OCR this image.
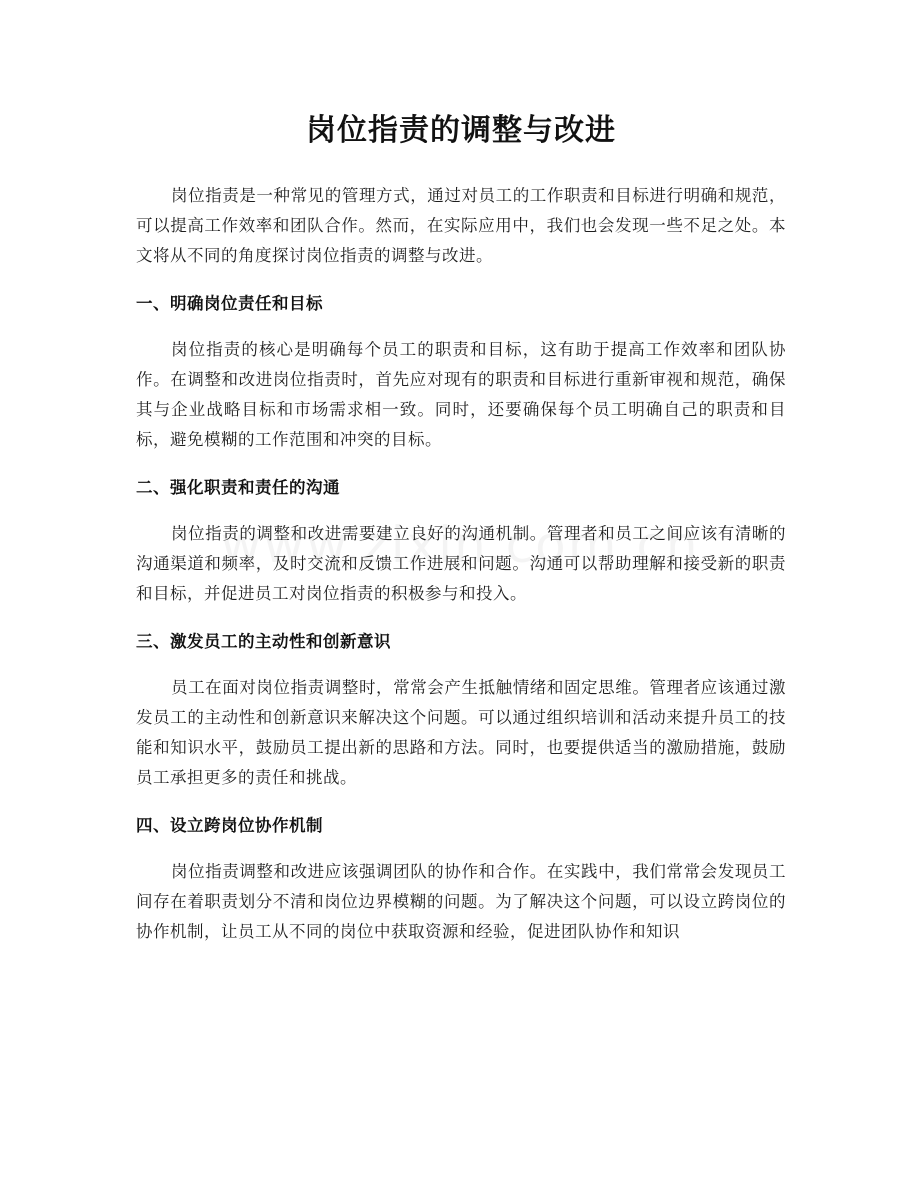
岗位指责的调整与改进

岗位指责是一种常见的管理方式，通过对员工的工作职责和目标进行明确和规范，可以提高工作效率和团队合作。然而，在实际应用中，我们也会发现一些不足之处。本文将从不同的角度探讨岗位指责的调整与改进。

一、明确岗位责任和目标

岗位指责的核心是明确每个员工的职责和目标，这有助于提高工作效率和团队协作。在调整和改进岗位指责时，首先应对现有的职责和目标进行重新审视和规范，确保其与企业战略目标和市场需求相一致。同时，还要确保每个员工明确自己的职责和目标，避免模糊的工作范围和冲突的目标。

二、强化职责和责任的沟通

岗位指责的调整和改进需要建立良好的沟通机制。管理者和员工之间应该有清晰的沟通渠道和频率，及时交流和反馈工作进展和问题。沟通可以帮助理解和接受新的职责和目标，并促进员工对岗位指责的积极参与和投入。

三、激发员工的主动性和创新意识

员工在面对岗位指责调整时，常常会产生抵触情绪和固定思维。管理者应该通过激发员工的主动性和创新意识来解决这个问题。可以通过组织培训和活动来提升员工的技能和知识水平，鼓励员工提出新的思路和方法。同时，也要提供适当的激励措施，鼓励员工承担更多的责任和挑战。

四、设立跨岗位协作机制

岗位指责调整和改进应该强调团队的协作和合作。在实践中，我们常常会发现员工间存在着职责划分不清和岗位边界模糊的问题。为了解决这个问题，可以设立跨岗位的协作机制，让员工从不同的岗位中获取资源和经验，促进团队协作和知识
